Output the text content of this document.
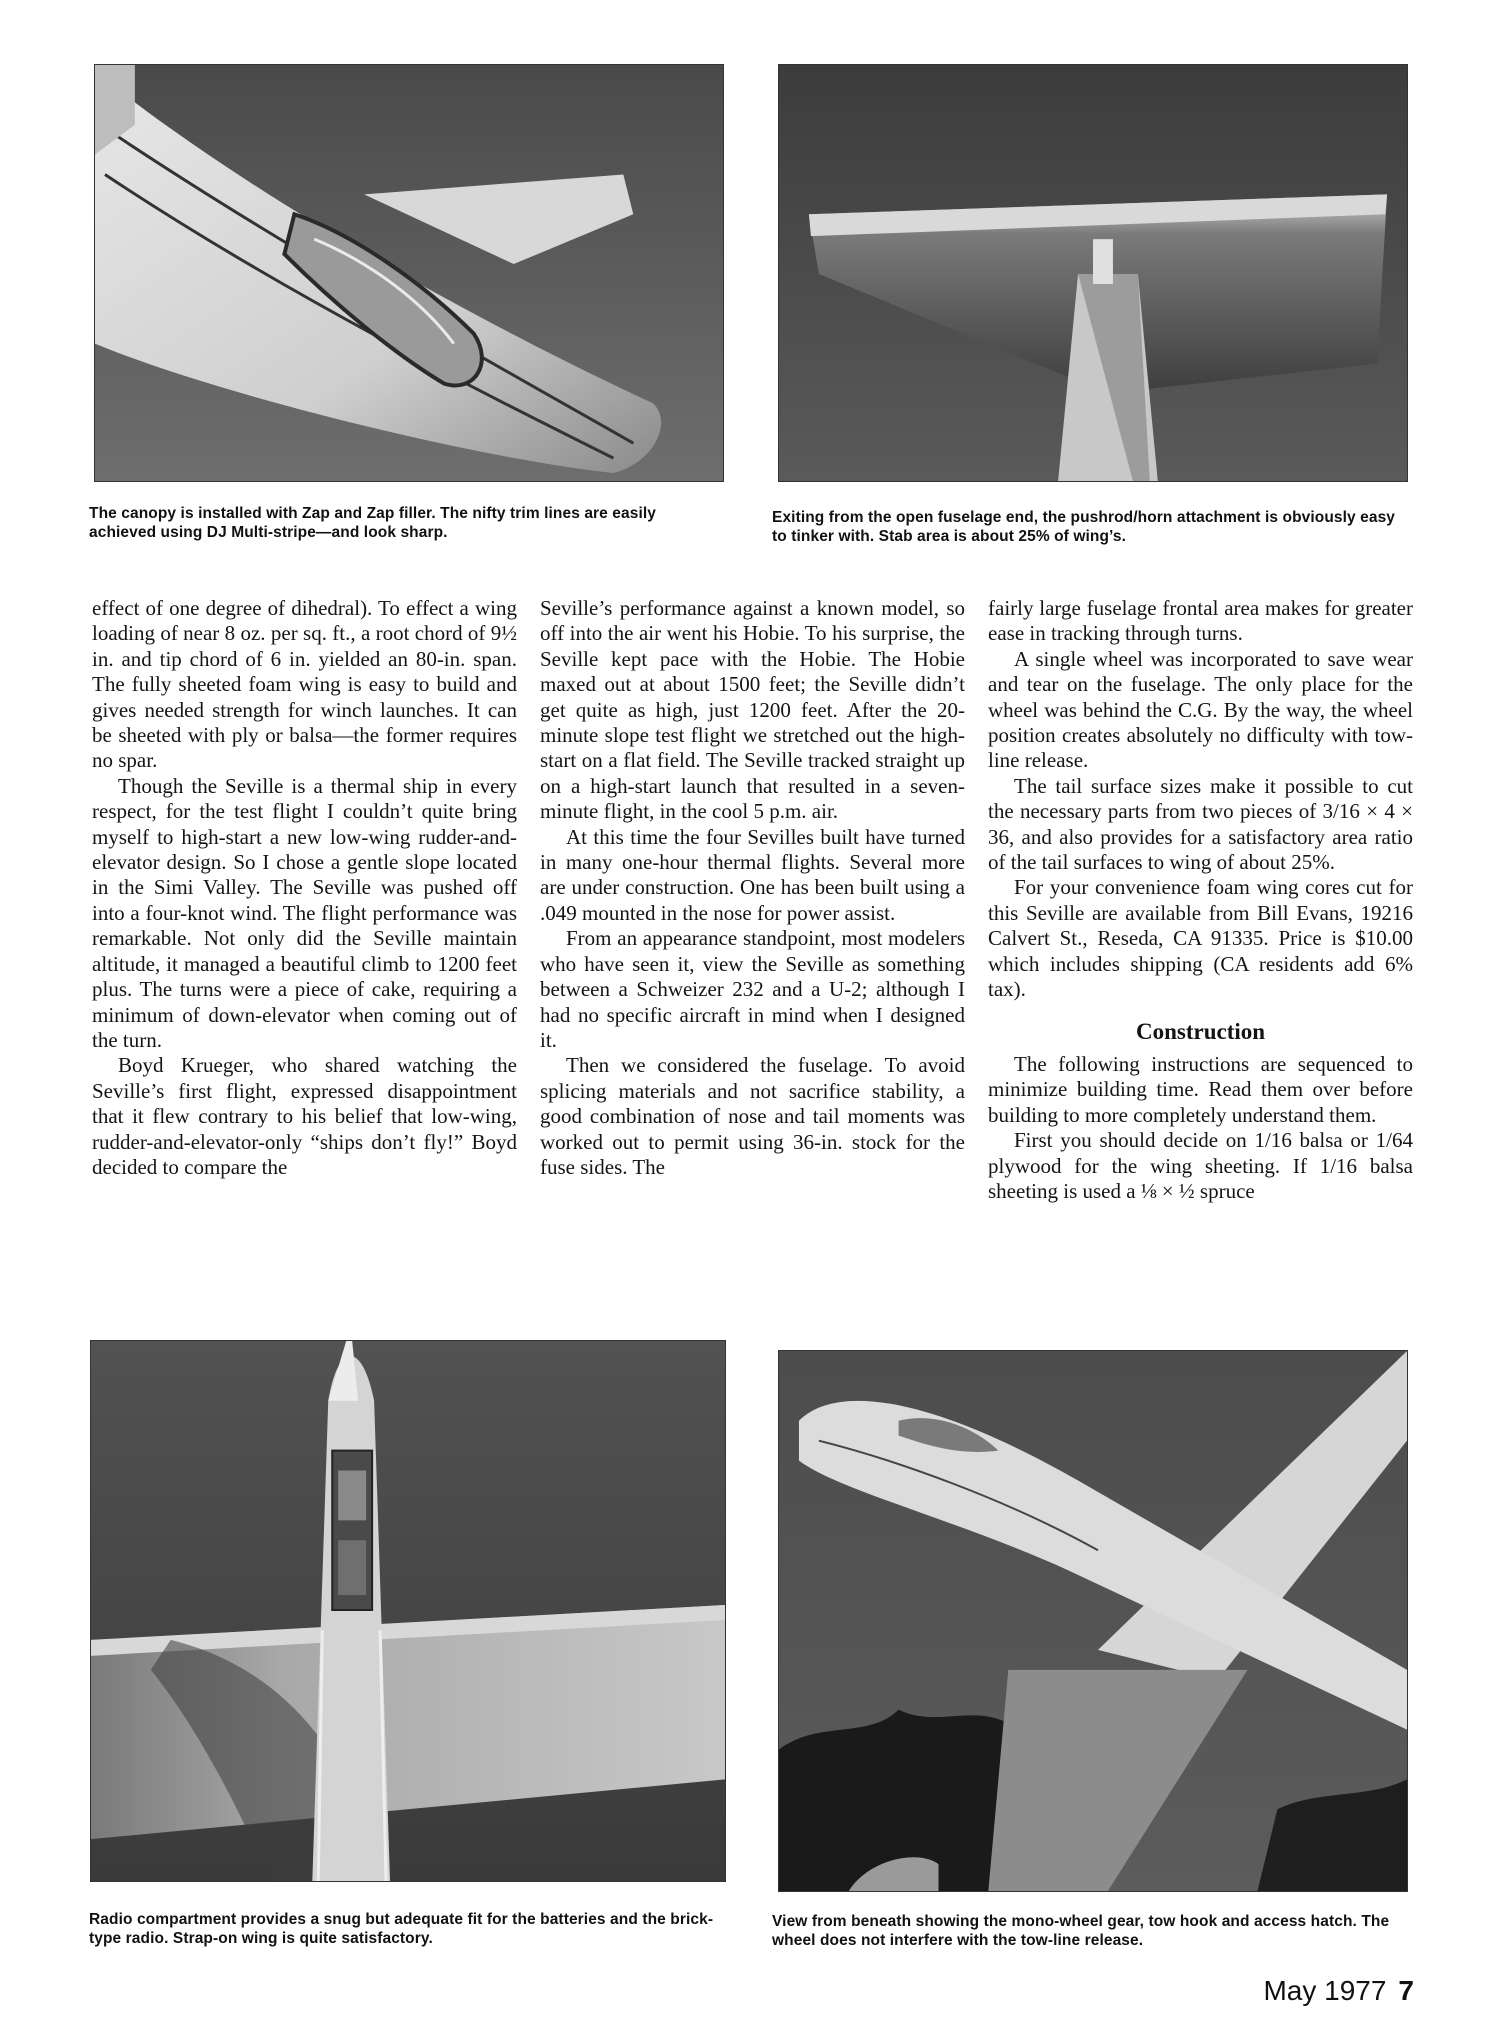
The canopy is installed with Zap and Zap filler. The nifty trim lines are easily achieved using DJ Multi-stripe—and look sharp.
Exiting from the open fuselage end, the pushrod/horn attachment is obviously easy to tinker with. Stab area is about 25% of wing’s.

effect of one degree of dihedral). To effect a wing loading of near 8 oz. per sq. ft., a root chord of 9½ in. and tip chord of 6 in. yielded an 80-in. span. The fully sheeted foam wing is easy to build and gives needed strength for winch launches. It can be sheeted with ply or balsa—the former requires no spar.

Though the Seville is a thermal ship in every respect, for the test flight I couldn’t quite bring myself to high-start a new low-wing rudder-and-elevator design. So I chose a gentle slope located in the Simi Valley. The Seville was pushed off into a four-knot wind. The flight performance was remarkable. Not only did the Seville maintain altitude, it managed a beautiful climb to 1200 feet plus. The turns were a piece of cake, requiring a minimum of down-elevator when coming out of the turn.

Boyd Krueger, who shared watching the Seville’s first flight, expressed disappointment that it flew contrary to his belief that low-wing, rudder-and-elevator-only “ships don’t fly!” Boyd decided to compare the

Seville’s performance against a known model, so off into the air went his Hobie. To his surprise, the Seville kept pace with the Hobie. The Hobie maxed out at about 1500 feet; the Seville didn’t get quite as high, just 1200 feet. After the 20-minute slope test flight we stretched out the high-start on a flat field. The Seville tracked straight up on a high-start launch that resulted in a seven-minute flight, in the cool 5 p.m. air.

At this time the four Sevilles built have turned in many one-hour thermal flights. Several more are under construction. One has been built using a .049 mounted in the nose for power assist.

From an appearance standpoint, most modelers who have seen it, view the Seville as something between a Schweizer 232 and a U-2; although I had no specific aircraft in mind when I designed it.

Then we considered the fuselage. To avoid splicing materials and not sacrifice stability, a good combination of nose and tail moments was worked out to permit using 36-in. stock for the fuse sides. The

fairly large fuselage frontal area makes for greater ease in tracking through turns.

A single wheel was incorporated to save wear and tear on the fuselage. The only place for the wheel was behind the C.G. By the way, the wheel position creates absolutely no difficulty with tow-line release.

The tail surface sizes make it possible to cut the necessary parts from two pieces of 3/16 × 4 × 36, and also provides for a satisfactory area ratio of the tail surfaces to wing of about 25%.

For your convenience foam wing cores cut for this Seville are available from Bill Evans, 19216 Calvert St., Reseda, CA 91335. Price is $10.00 which includes shipping (CA residents add 6% tax).

Construction

The following instructions are sequenced to minimize building time. Read them over before building to more completely understand them.

First you should decide on 1/16 balsa or 1/64 plywood for the wing sheeting. If 1/16 balsa sheeting is used a ⅛ × ½ spruce

Radio compartment provides a snug but adequate fit for the batteries and the brick-type radio. Strap-on wing is quite satisfactory.
View from beneath showing the mono-wheel gear, tow hook and access hatch. The wheel does not interfere with the tow-line release.
May 1977 7
